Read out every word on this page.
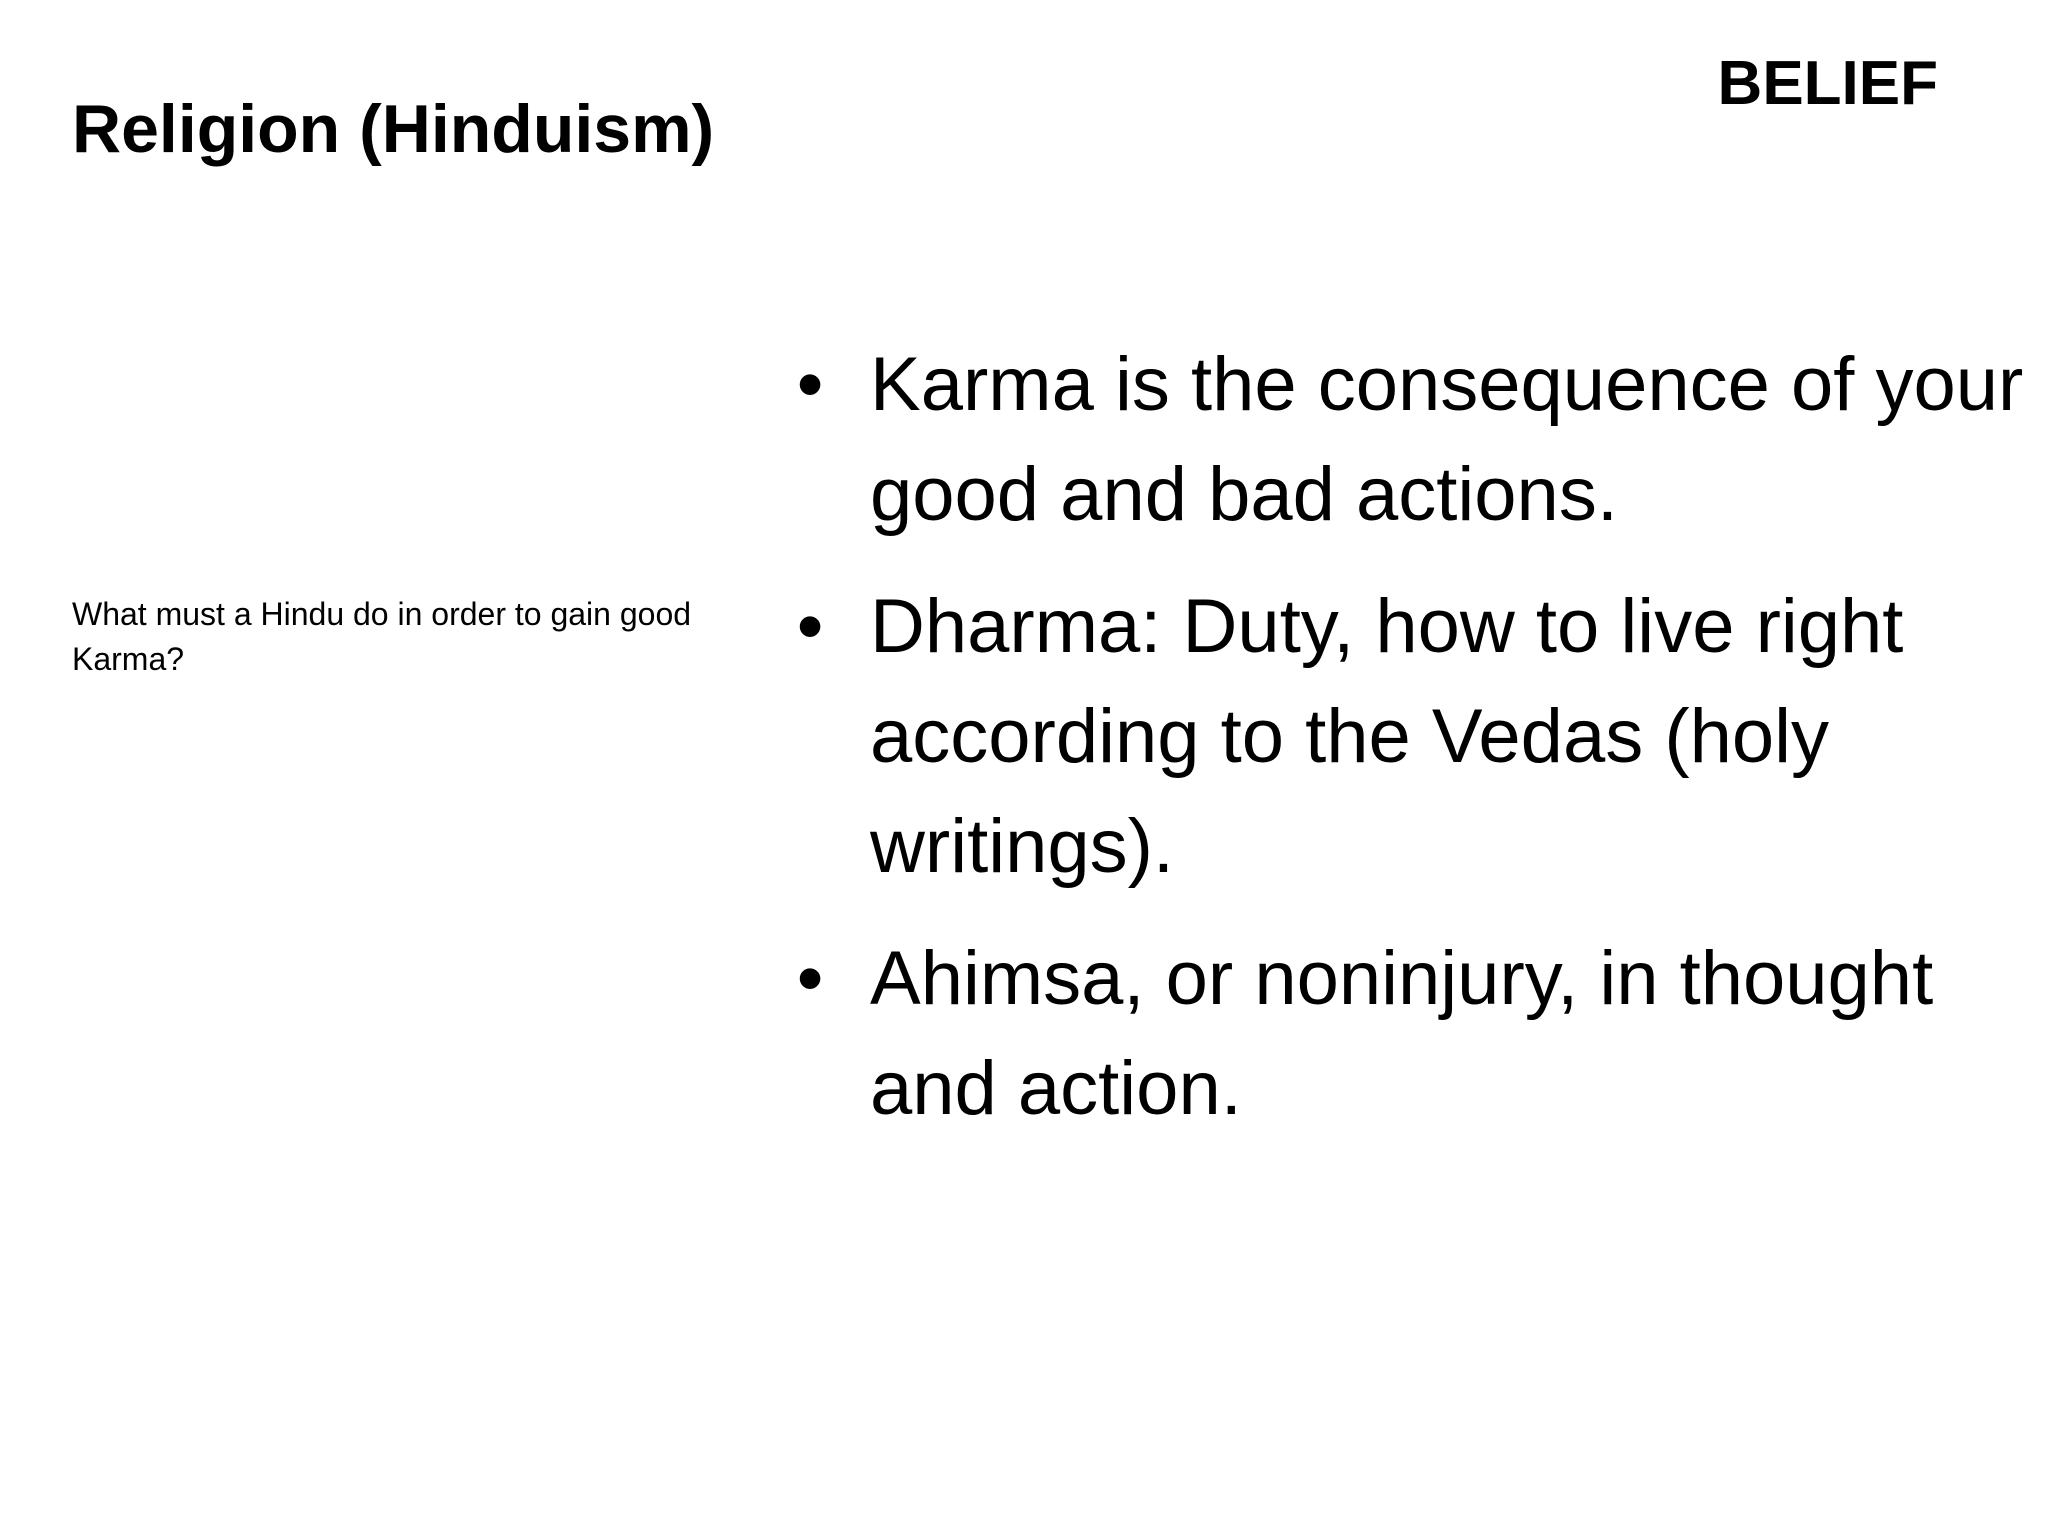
Religion (Hinduism)
BELIEF
What must a Hindu do in order to gain good Karma?
• Karma is the consequence of your good and bad actions.
• Dharma: Duty, how to live right according to the Vedas (holy writings).
• Ahimsa, or noninjury, in thought and action.
